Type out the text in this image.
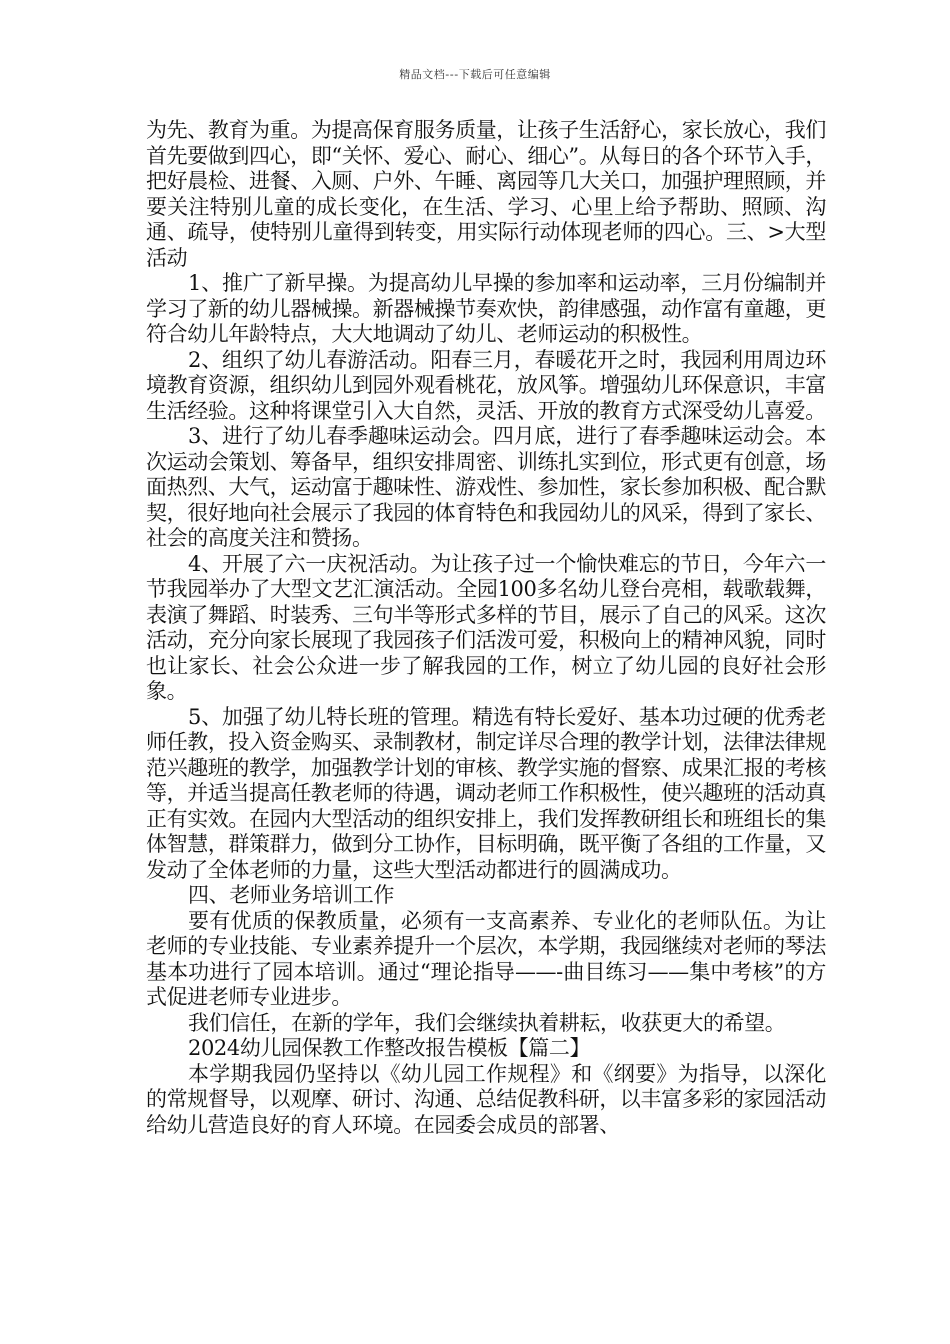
精品文档---下载后可任意编辑

为先、教育为重。为提高保育服务质量，让孩子生活舒心，家长放心，我们首先要做到四心，即“关怀、爱心、耐心、细心”。从每日的各个环节入手，把好晨检、进餐、入厕、户外、午睡、离园等几大关口，加强护理照顾，并要关注特别儿童的成长变化，在生活、学习、心里上给予帮助、照顾、沟通、疏导，使特别儿童得到转变，用实际行动体现老师的四心。三、>大型活动

1、推广了新早操。为提高幼儿早操的参加率和运动率，三月份编制并学习了新的幼儿器械操。新器械操节奏欢快，韵律感强，动作富有童趣，更符合幼儿年龄特点，大大地调动了幼儿、老师运动的积极性。

2、组织了幼儿春游活动。阳春三月，春暖花开之时，我园利用周边环境教育资源，组织幼儿到园外观看桃花，放风筝。增强幼儿环保意识，丰富生活经验。这种将课堂引入大自然，灵活、开放的教育方式深受幼儿喜爱。

3、进行了幼儿春季趣味运动会。四月底，进行了春季趣味运动会。本次运动会策划、筹备早，组织安排周密、训练扎实到位，形式更有创意，场面热烈、大气，运动富于趣味性、游戏性、参加性，家长参加积极、配合默契，很好地向社会展示了我园的体育特色和我园幼儿的风采，得到了家长、社会的高度关注和赞扬。

4、开展了六一庆祝活动。为让孩子过一个愉快难忘的节日，今年六一节我园举办了大型文艺汇演活动。全园100多名幼儿登台亮相，载歌载舞，表演了舞蹈、时装秀、三句半等形式多样的节目，展示了自己的风采。这次活动，充分向家长展现了我园孩子们活泼可爱，积极向上的精神风貌，同时也让家长、社会公众进一步了解我园的工作，树立了幼儿园的良好社会形象。

5、加强了幼儿特长班的管理。精选有特长爱好、基本功过硬的优秀老师任教，投入资金购买、录制教材，制定详尽合理的教学计划，法律法律规范兴趣班的教学，加强教学计划的审核、教学实施的督察、成果汇报的考核等，并适当提高任教老师的待遇，调动老师工作积极性，使兴趣班的活动真正有实效。在园内大型活动的组织安排上，我们发挥教研组长和班组长的集体智慧，群策群力，做到分工协作，目标明确，既平衡了各组的工作量，又发动了全体老师的力量，这些大型活动都进行的圆满成功。

四、老师业务培训工作

要有优质的保教质量，必须有一支高素养、专业化的老师队伍。为让老师的专业技能、专业素养提升一个层次，本学期，我园继续对老师的琴法基本功进行了园本培训。通过“理论指导——-曲目练习——集中考核”的方式促进老师专业进步。

我们信任，在新的学年，我们会继续执着耕耘，收获更大的希望。

2024幼儿园保教工作整改报告模板【篇二】

本学期我园仍坚持以《幼儿园工作规程》和《纲要》为指导，以深化的常规督导，以观摩、研讨、沟通、总结促教科研，以丰富多彩的家园活动给幼儿营造良好的育人环境。在园委会成员的部署、
